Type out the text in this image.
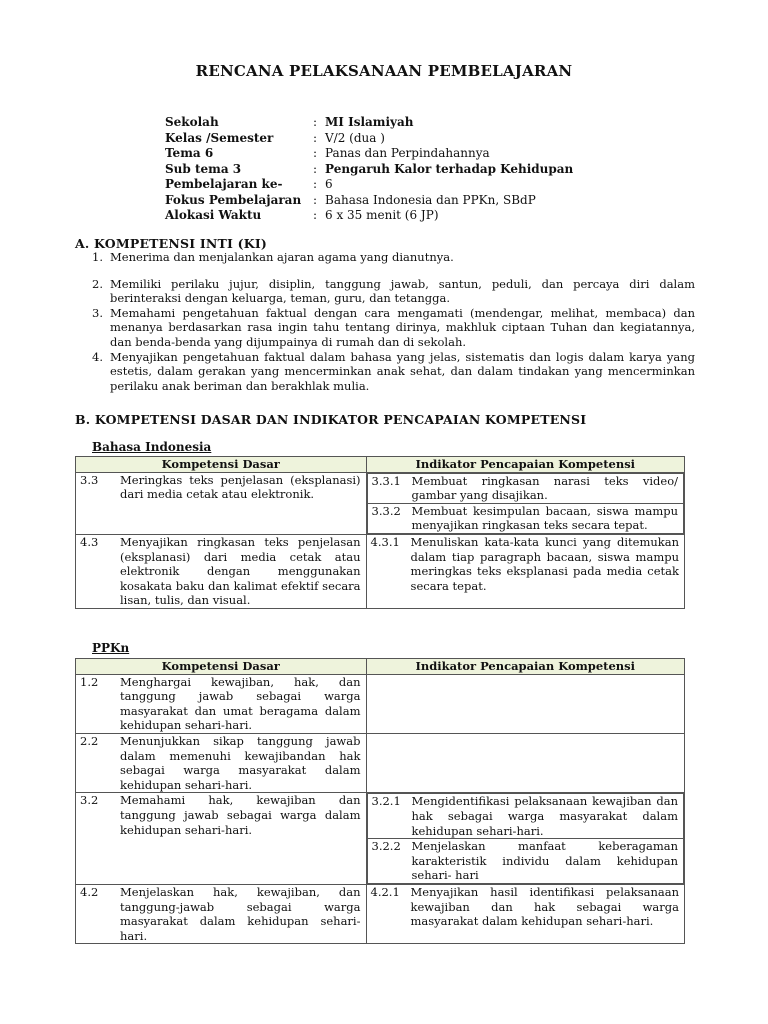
RENCANA PELAKSANAAN PEMBELAJARAN
Sekolah	: MI Islamiyah
Kelas /Semester	: V/2 (dua )
Tema 6	: Panas dan Perpindahannya
Sub tema 3	: Pengaruh Kalor terhadap Kehidupan
Pembelajaran ke-	: 6
Fokus Pembelajaran : Bahasa Indonesia dan PPKn, SBdP
Alokasi Waktu	: 6 x 35 menit (6 JP)
A. KOMPETENSI INTI (KI)
1. Menerima dan menjalankan ajaran agama yang dianutnya.
2. Memiliki perilaku jujur, disiplin, tanggung jawab, santun, peduli, dan percaya diri dalam berinteraksi dengan keluarga, teman, guru, dan tetangga.
3. Memahami pengetahuan faktual dengan cara mengamati (mendengar, melihat, membaca) dan menanya berdasarkan rasa ingin tahu tentang dirinya, makhluk ciptaan Tuhan dan kegiatannya, dan benda-benda yang dijumpainya di rumah dan di sekolah.
4. Menyajikan pengetahuan faktual dalam bahasa yang jelas, sistematis dan logis dalam karya yang estetis, dalam gerakan yang mencerminkan anak sehat, dan dalam tindakan yang mencerminkan perilaku anak beriman dan berakhlak mulia.
B. KOMPETENSI DASAR DAN INDIKATOR PENCAPAIAN KOMPETENSI
Bahasa Indonesia
Kompetensi Dasar	Indikator Pencapaian Kompetensi

3.3	Meringkas teks penjelasan (eksplanasi) dari media cetak atau elektronik.

3.3.1 Membuat ringkasan narasi teks video/ gambar yang disajikan.

3.3.2 Membuat kesimpulan bacaan, siswa mampu menyajikan ringkasan teks secara tepat.

4.3	Menyajikan ringkasan teks penjelasan (eksplanasi) dari media cetak atau elektronik dengan menggunakan kosakata baku dan kalimat efektif secara lisan, tulis, dan visual.

4.3.1 Menuliskan kata-kata kunci yang ditemukan dalam tiap paragraph bacaan, siswa mampu meringkas teks eksplanasi pada media cetak secara tepat.
PPKn
Kompetensi Dasar	Indikator Pencapaian Kompetensi

1.2	Menghargai kewajiban, hak, dan tanggung jawab sebagai warga masyarakat dan umat beragama dalam kehidupan sehari-hari.

2.2	Menunjukkan sikap tanggung jawab dalam memenuhi kewajibandan hak sebagai warga masyarakat dalam kehidupan sehari-hari.

3.2	Memahami hak, kewajiban dan tanggung jawab sebagai warga dalam kehidupan sehari-hari.

3.2.1 Mengidentifikasi pelaksanaan kewajiban dan hak sebagai warga masyarakat dalam kehidupan sehari-hari.

3.2.2 Menjelaskan manfaat keberagaman karakteristik individu dalam kehidupan sehari- hari

4.2	Menjelaskan hak, kewajiban, dan tanggung-jawab sebagai warga masyarakat dalam kehidupan sehari-hari.

4.2.1 Menyajikan hasil identifikasi pelaksanaan kewajiban dan hak sebagai warga masyarakat dalam kehidupan sehari-hari.
